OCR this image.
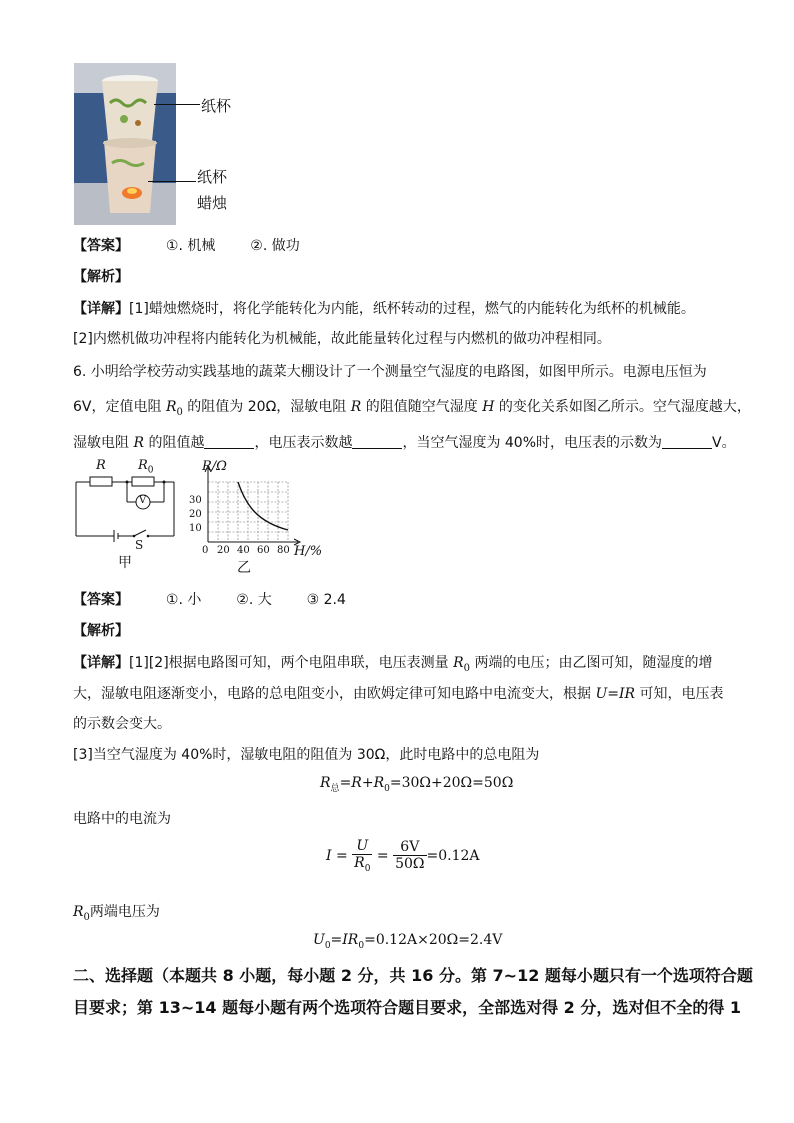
纸杯
纸杯
蜡烛
【答案】	①. 机械 ②. 做功
【解析】
【详解】[1]蜡烛燃烧时，将化学能转化为内能，纸杯转动的过程，燃气的内能转化为纸杯的机械能。
[2]内燃机做功冲程将内能转化为机械能，故此能量转化过程与内燃机的做功冲程相同。
6. 小明给学校劳动实践基地的蔬菜大棚设计了一个测量空气湿度的电路图，如图甲所示。电源电压恒为
6V，定值电阻 $R_0$ 的阻值为 20Ω，湿敏电阻 R 的阻值随空气湿度 H 的变化关系如图乙所示。空气湿度越大，
湿敏电阻 R 的阻值越	，电压表示数越	，当空气湿度为 40%时，电压表的示数为	V。
R $R_0$
V
S
甲
R/Ω
30
20
10
0 20 40 60 80 H/%
乙
【答案】	①. 小 ②. 大 ③ 2.4
【解析】
【详解】[1][2]根据电路图可知，两个电阻串联，电压表测量 $R_0$ 两端的电压；由乙图可知，随湿度的增
大，湿敏电阻逐渐变小，电路的总电阻变小，由欧姆定律可知电路中电流变大，根据 U=IR 可知，电压表
的示数会变大。
[3]当空气湿度为 40%时，湿敏电阻的阻值为 30Ω，此时电路中的总电阻为
$R_总=R+R_0=30\Omega+20\Omega=50\Omega$
电路中的电流为
$I = \frac{U}{R_0} = \frac{6V}{50\Omega} =0.12A$
$R_0$两端电压为
$U_0=IR_0=0.12A\times 20\Omega=2.4V$
二、选择题（本题共 8 小题，每小题 2 分，共 16 分。第 7~12 题每小题只有一个选项符合题
目要求；第 13~14 题每小题有两个选项符合题目要求，全部选对得 2 分，选对但不全的得 1
